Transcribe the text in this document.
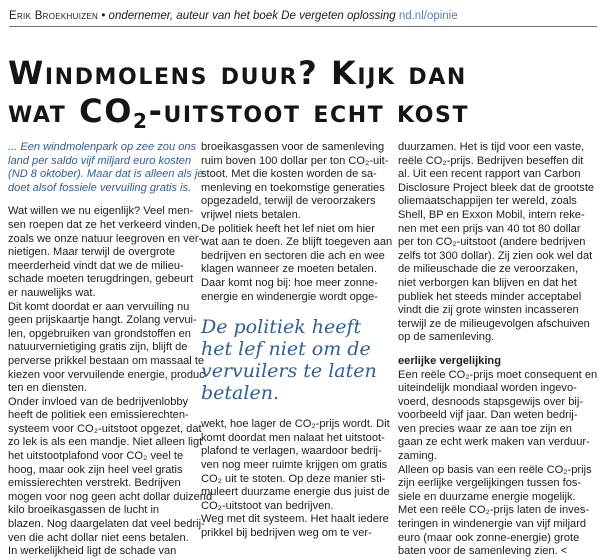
Erik Broekhuizen • ondernemer, auteur van het boek De vergeten oplossing nd.nl/opinie
Windmolens duur? Kijk dan
wat $CO_2$-uitstoot echt kost

... Een windmolenpark op zee zou ons

land per saldo vijf miljard euro kosten

(ND 8 oktober). Maar dat is alleen als je

doet alsof fossiele vervuiling gratis is.

Wat willen we nu eigenlijk? Veel men-

sen roepen dat ze het verkeerd vinden,

zoals we onze natuur leegroven en ver-

nietigen. Maar terwijl de overgrote

meerderheid vindt dat we de milieu-

schade moeten terugdringen, gebeurt

er nauwelijks wat.

Dit komt doordat er aan vervuiling nu

geen prijskaartje hangt. Zolang vervui-

len, opgebruiken van grondstoffen en

natuurvernietiging gratis zijn, blijft de

perverse prikkel bestaan om massaal te

kiezen voor vervuilende energie, produc-

ten en diensten.

Onder invloed van de bedrijvenlobby

heeft de politiek een emissierechten-

systeem voor CO₂-uitstoot opgezet, dat

zo lek is als een mandje. Niet alleen ligt

het uitstootplafond voor CO₂ veel te

hoog, maar ook zijn heel veel gratis

emissierechten verstrekt. Bedrijven

mogen voor nog geen acht dollar duizend

kilo broeikasgassen de lucht in

blazen. Nog daargelaten dat veel bedrij-

ven die acht dollar niet eens betalen.

In werkelijkheid ligt de schade van

broeikasgassen voor de samenleving

ruim boven 100 dollar per ton CO₂-uit-

stoot. Met die kosten worden de sa-

menleving en toekomstige generaties

opgezadeld, terwijl de veroorzakers

vrijwel niets betalen.

De politiek heeft het lef niet om hier

wat aan te doen. Ze blijft toegeven aan

bedrijven en sectoren die ach en wee

klagen wanneer ze moeten betalen.

Daar komt nog bij: hoe meer zonne-

energie en windenergie wordt opge-

De politiek heeft

het lef niet om de

vervuilers te laten

betalen.

wekt, hoe lager de CO₂-prijs wordt. Dit

komt doordat men nalaat het uitstoot-

plafond te verlagen, waardoor bedrij-

ven nog meer ruimte krijgen om gratis

CO₂ uit te stoten. Op deze manier sti-

muleert duurzame energie dus juist de

CO₂-uitstoot van bedrijven.

Weg met dit systeem. Het haalt iedere

prikkel bij bedrijven weg om te ver-

duurzamen. Het is tijd voor een vaste,

reële CO₂-prijs. Bedrijven beseffen dit

al. Uit een recent rapport van Carbon

Disclosure Project bleek dat de grootste

oliemaatschappijen ter wereld, zoals

Shell, BP en Exxon Mobil, intern reke-

nen met een prijs van 40 tot 80 dollar

per ton CO₂-uitstoot (andere bedrijven

zelfs tot 300 dollar). Zij zien ook wel dat

de milieuschade die ze veroorzaken,

niet verborgen kan blijven en dat het

publiek het steeds minder acceptabel

vindt die zij grote winsten incasseren

terwijl ze de milieugevolgen afschuiven

op de samenleving.

eerlijke vergelijking

Een reële CO₂-prijs moet consequent en

uiteindelijk mondiaal worden ingevo-

voerd, desnoods stapsgewijs over bij-

voorbeeld vijf jaar. Dan weten bedrij-

ven precies waar ze aan toe zijn en

gaan ze echt werk maken van verduur-

zaming.

Alleen op basis van een reële CO₂-prijs

zijn eerlijke vergelijkingen tussen fos-

siele en duurzame energie mogelijk.

Met een reële CO₂-prijs laten de inves-

teringen in windenergie van vijf miljard

euro (maar ook zonne-energie) grote

baten voor de samenleving zien. <
